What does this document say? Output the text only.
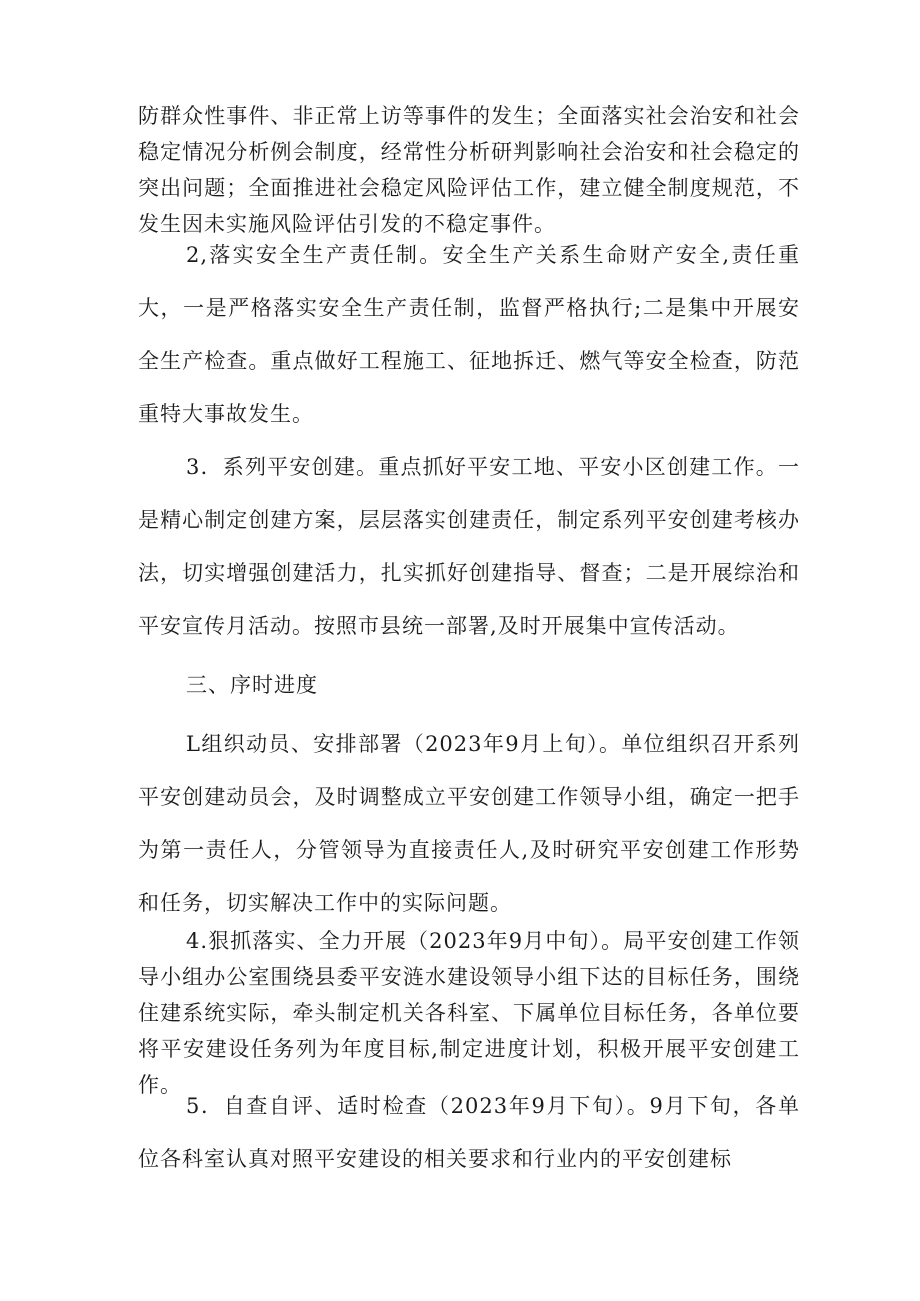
防群众性事件、非正常上访等事件的发生；全面落实社会治安和社会稳定情况分析例会制度，经常性分析研判影响社会治安和社会稳定的突出问题；全面推进社会稳定风险评估工作，建立健全制度规范，不发生因未实施风险评估引发的不稳定事件。

2,落实安全生产责任制。安全生产关系生命财产安全,责任重大，一是严格落实安全生产责任制，监督严格执行;二是集中开展安全生产检查。重点做好工程施工、征地拆迁、燃气等安全检查，防范重特大事故发生。

3．系列平安创建。重点抓好平安工地、平安小区创建工作。一是精心制定创建方案，层层落实创建责任，制定系列平安创建考核办法，切实增强创建活力，扎实抓好创建指导、督查；二是开展综治和平安宣传月活动。按照市县统一部署,及时开展集中宣传活动。

三、序时进度

L组织动员、安排部署（2023年9月上旬）。单位组织召开系列平安创建动员会，及时调整成立平安创建工作领导小组，确定一把手为第一责任人，分管领导为直接责任人,及时研究平安创建工作形势和任务，切实解决工作中的实际问题。

4.狠抓落实、全力开展（2023年9月中旬）。局平安创建工作领导小组办公室围绕县委平安涟水建设领导小组下达的目标任务，围绕住建系统实际，牵头制定机关各科室、下属单位目标任务，各单位要将平安建设任务列为年度目标,制定进度计划，积极开展平安创建工作。

5．自查自评、适时检查（2023年9月下旬）。9月下旬，各单位各科室认真对照平安建设的相关要求和行业内的平安创建标
